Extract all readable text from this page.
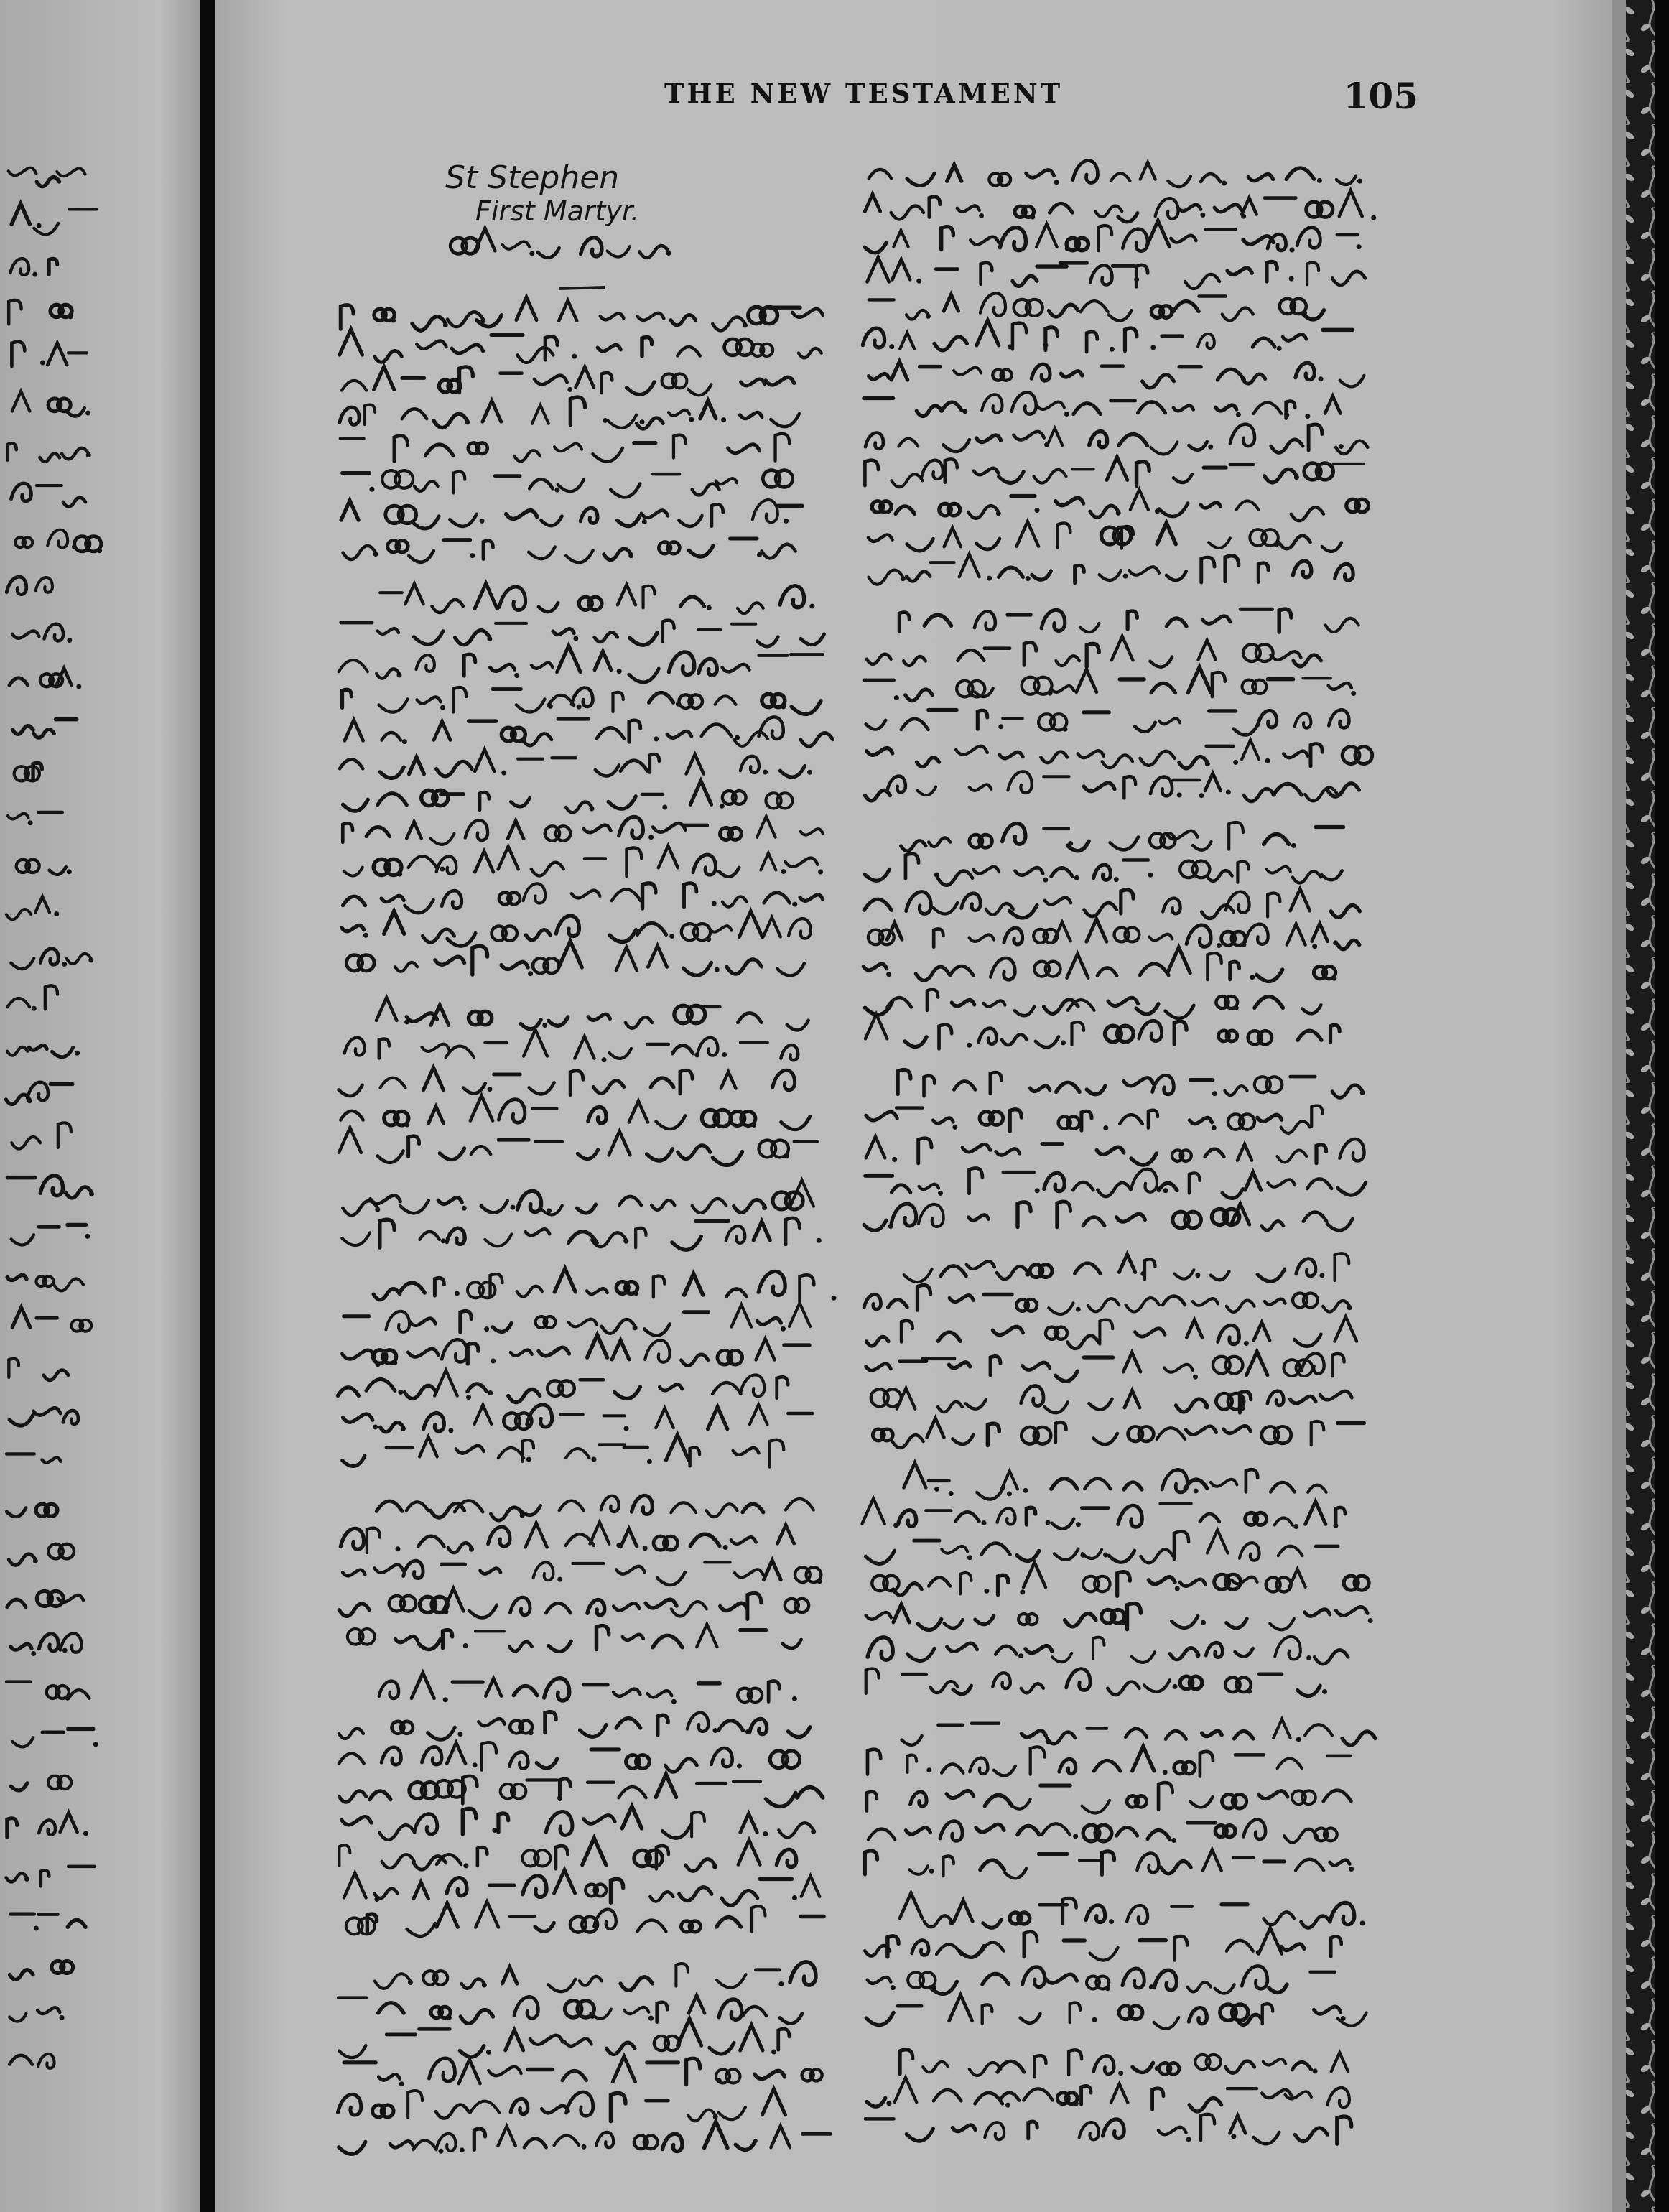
THE NEW TESTAMENT	105
St Stephen
First Martyr.
